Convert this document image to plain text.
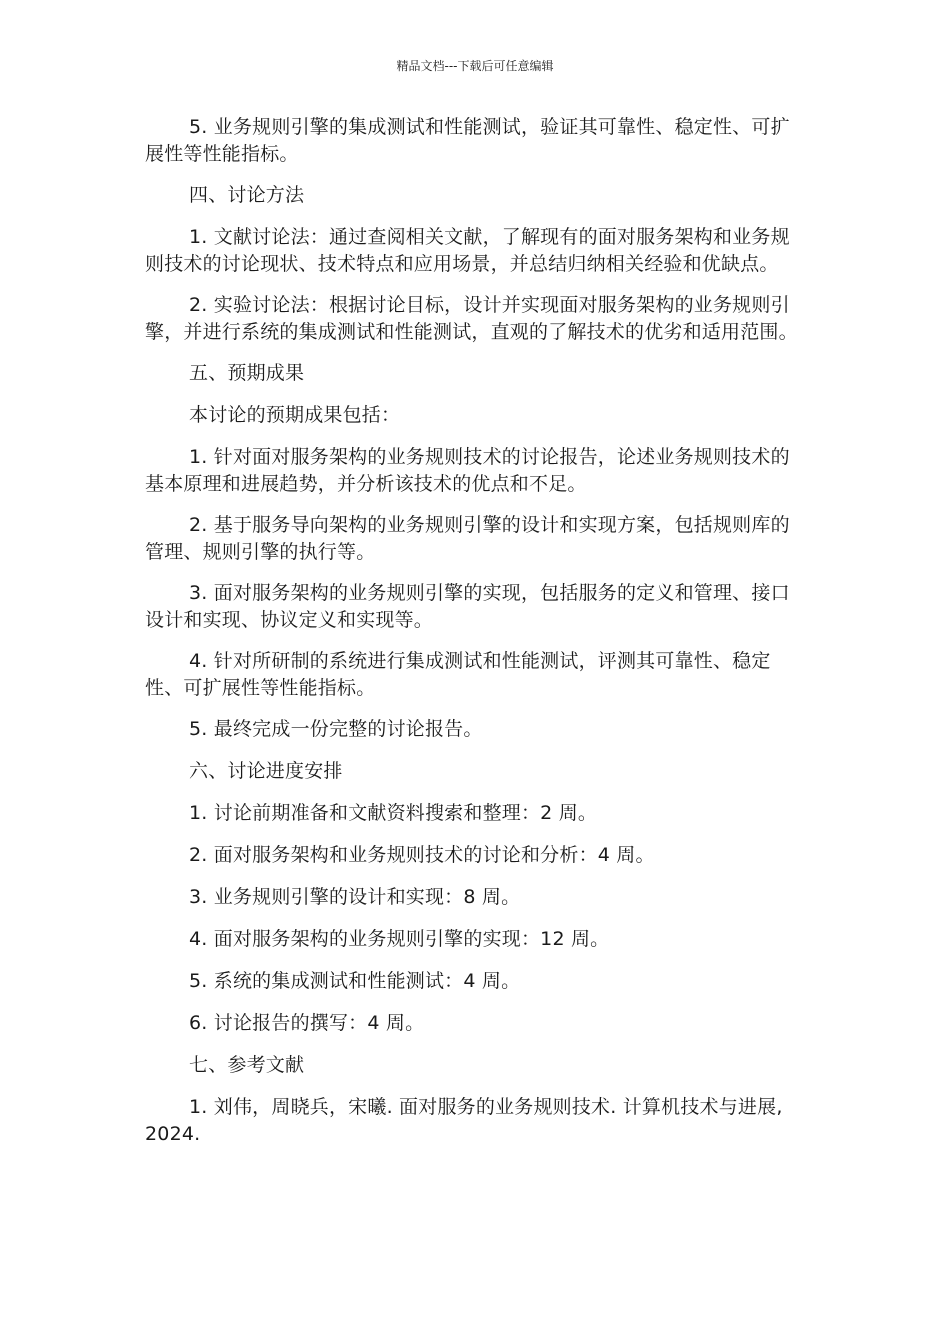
精品文档---下载后可任意编辑

5. 业务规则引擎的集成测试和性能测试，验证其可靠性、稳定性、可扩展性等性能指标。

四、讨论方法

1. 文献讨论法：通过查阅相关文献，了解现有的面对服务架构和业务规则技术的讨论现状、技术特点和应用场景，并总结归纳相关经验和优缺点。

2. 实验讨论法：根据讨论目标，设计并实现面对服务架构的业务规则引擎，并进行系统的集成测试和性能测试，直观的了解技术的优劣和适用范围。

五、预期成果

本讨论的预期成果包括：

1. 针对面对服务架构的业务规则技术的讨论报告，论述业务规则技术的基本原理和进展趋势，并分析该技术的优点和不足。

2. 基于服务导向架构的业务规则引擎的设计和实现方案，包括规则库的管理、规则引擎的执行等。

3. 面对服务架构的业务规则引擎的实现，包括服务的定义和管理、接口设计和实现、协议定义和实现等。

4. 针对所研制的系统进行集成测试和性能测试，评测其可靠性、稳定性、可扩展性等性能指标。

5. 最终完成一份完整的讨论报告。

六、讨论进度安排

1. 讨论前期准备和文献资料搜索和整理：2 周。

2. 面对服务架构和业务规则技术的讨论和分析：4 周。

3. 业务规则引擎的设计和实现：8 周。

4. 面对服务架构的业务规则引擎的实现：12 周。

5. 系统的集成测试和性能测试：4 周。

6. 讨论报告的撰写：4 周。

七、参考文献

1. 刘伟，周晓兵，宋曦. 面对服务的业务规则技术. 计算机技术与进展, 2024.
